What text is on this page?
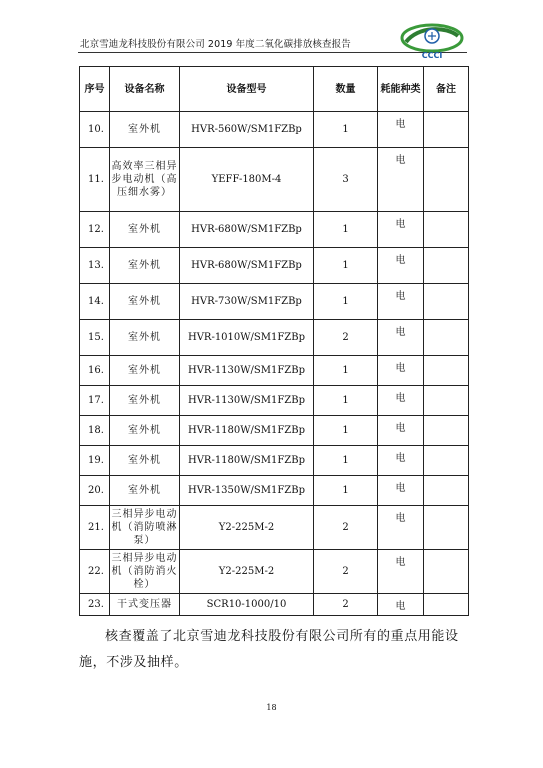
北京雪迪龙科技股份有限公司 2019 年度二氧化碳排放核查报告
CCCI
序号	设备名称	设备型号	数量	耗能种类	备注
10.	室外机	HVR-560W/SM1FZBp	1	电	
11.	高效率三相异步电动机（高压细水雾）	YEFF-180M-4	3	电	
12.	室外机	HVR-680W/SM1FZBp	1	电	
13.	室外机	HVR-680W/SM1FZBp	1	电	
14.	室外机	HVR-730W/SM1FZBp	1	电	
15.	室外机	HVR-1010W/SM1FZBp	2	电	
16.	室外机	HVR-1130W/SM1FZBp	1	电	
17.	室外机	HVR-1130W/SM1FZBp	1	电	
18.	室外机	HVR-1180W/SM1FZBp	1	电	
19.	室外机	HVR-1180W/SM1FZBp	1	电	
20.	室外机	HVR-1350W/SM1FZBp	1	电	
21.	三相异步电动机（消防喷淋泵）	Y2-225M-2	2	电	
22.	三相异步电动机（消防消火栓）	Y2-225M-2	2	电	
23.	干式变压器	SCR10-1000/10	2	电	
核查覆盖了北京雪迪龙科技股份有限公司所有的重点用能设施，不涉及抽样。
18
